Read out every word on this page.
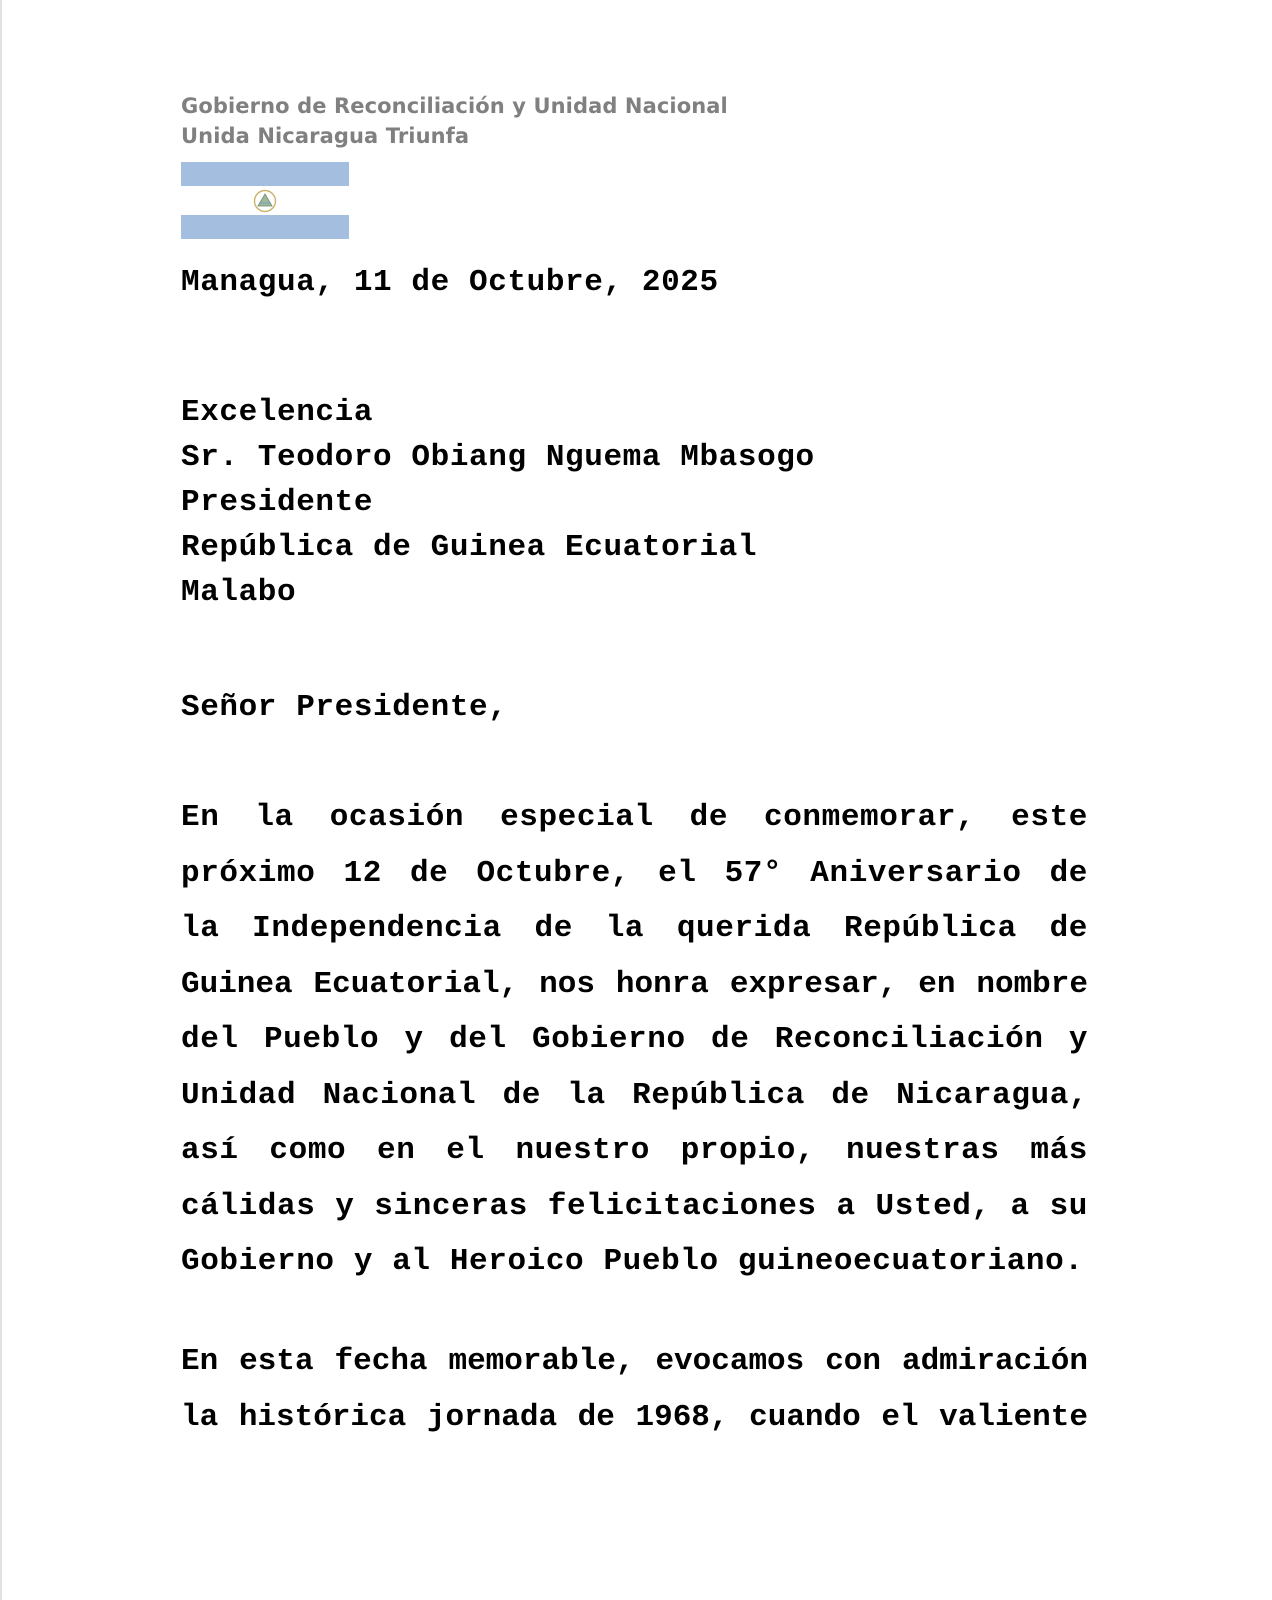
Gobierno de Reconciliación y Unidad Nacional
Unida Nicaragua Triunfa
Managua, 11 de Octubre, 2025
Excelencia
Sr. Teodoro Obiang Nguema Mbasogo
Presidente
República de Guinea Ecuatorial
Malabo
Señor Presidente,
En la ocasión especial de conmemorar, este
próximo 12 de Octubre, el 57° Aniversario de
la Independencia de la querida República de
Guinea Ecuatorial, nos honra expresar, en nombre
del Pueblo y del Gobierno de Reconciliación y
Unidad Nacional de la República de Nicaragua,
así como en el nuestro propio, nuestras más
cálidas y sinceras felicitaciones a Usted, a su
Gobierno y al Heroico Pueblo guineoecuatoriano.
En esta fecha memorable, evocamos con admiración
la histórica jornada de 1968, cuando el valiente
